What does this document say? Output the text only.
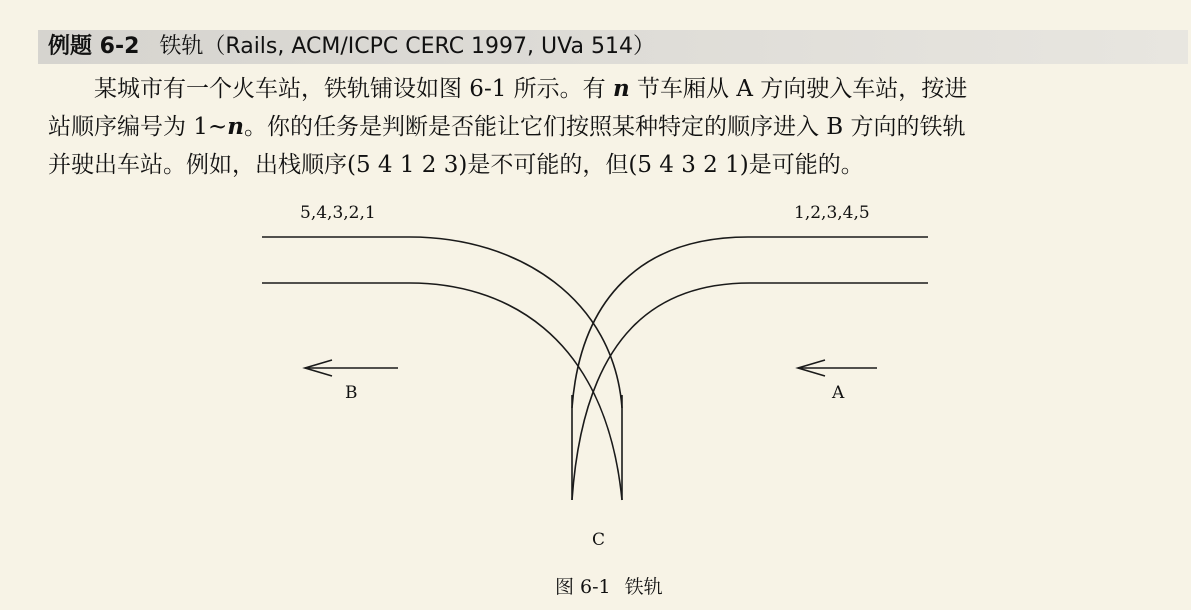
例题 6-2 铁轨（Rails, ACM/ICPC CERC 1997, UVa 514）
某城市有一个火车站，铁轨铺设如图 6-1 所示。有 n 节车厢从 A 方向驶入车站，按进
站顺序编号为 1~n。你的任务是判断是否能让它们按照某种特定的顺序进入 B 方向的铁轨
并驶出车站。例如，出栈顺序(5 4 1 2 3)是不可能的，但(5 4 3 2 1)是可能的。
5,4,3,2,1	1,2,3,4,5
B	A
C
图 6-1 铁轨
